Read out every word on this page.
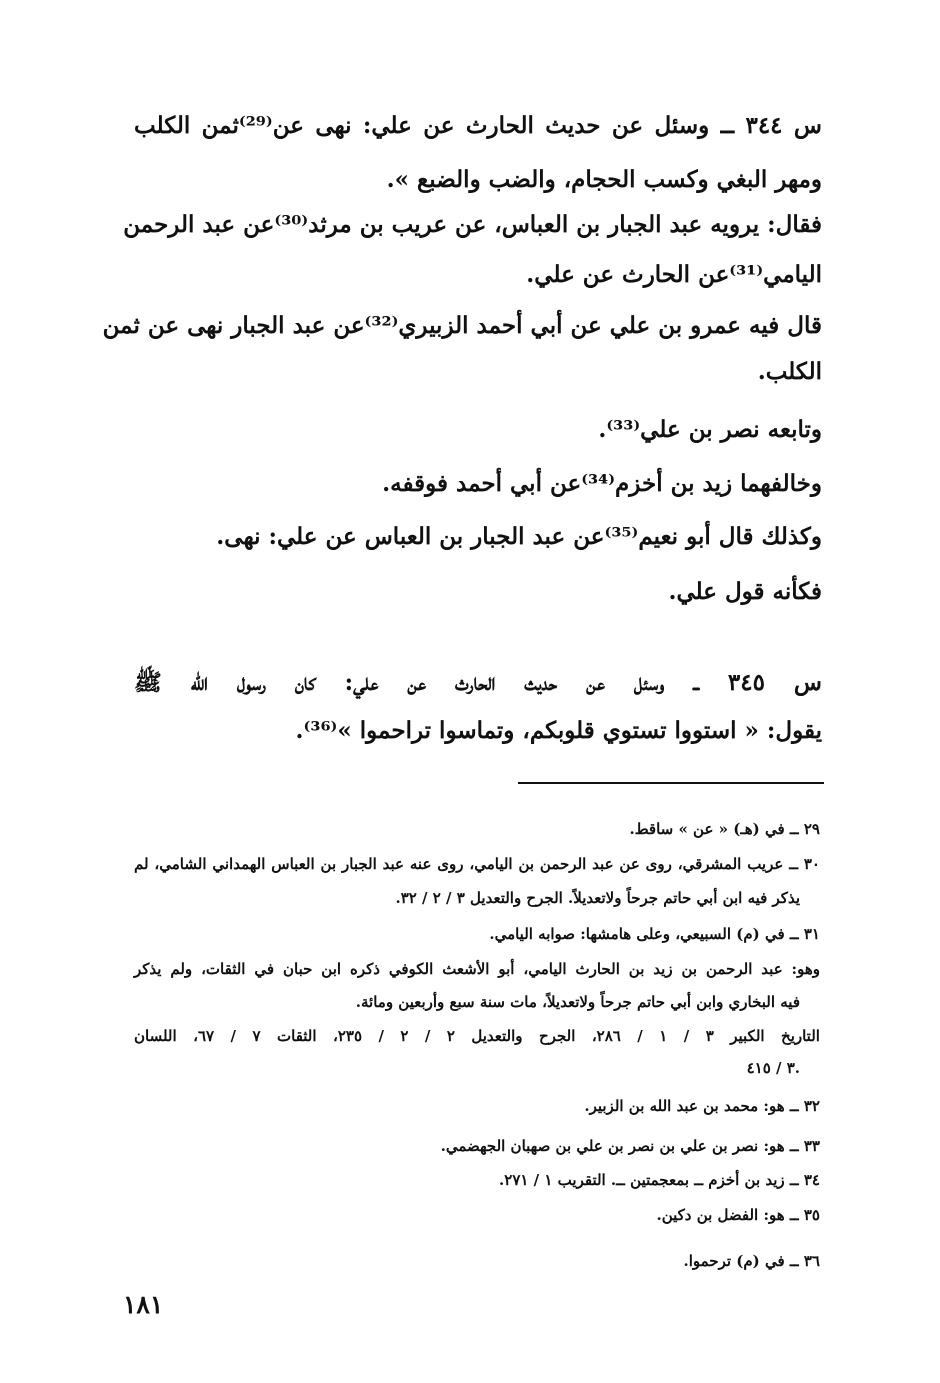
س ٣٤٤ ــ وسئل عن حديث الحارث عن علي: نهى عن⁽²⁹⁾ثمن الكلب
ومهر البغي وكسب الحجام، والضب والضبع ».
فقال: يرويه عبد الجبار بن العباس، عن عريب بن مرثد⁽³⁰⁾عن عبد الرحمن
اليامي⁽³¹⁾عن الحارث عن علي.
قال فيه عمرو بن علي عن أبي أحمد الزبيري⁽³²⁾عن عبد الجبار نهى عن ثمن
الكلب.
وتابعه نصر بن علي⁽³³⁾.
وخالفهما زيد بن أخزم⁽³⁴⁾عن أبي أحمد فوقفه.
وكذلك قال أبو نعيم⁽³⁵⁾عن عبد الجبار بن العباس عن علي: نهى.
فكأنه قول علي.
س ٣٤٥ ــ وسئل عن حديث الحارث عن علي: كان رسول الله ﷺ
يقول: « استووا تستوي قلوبكم، وتماسوا تراحموا »⁽³⁶⁾.
٢٩ ــ في (هـ) « عن » ساقط.
٣٠ ــ عريب المشرقي، روى عن عبد الرحمن بن اليامي، روى عنه عبد الجبار بن العباس الهمداني الشامي، لم
يذكر فيه ابن أبي حاتم جرحاً ولاتعديلاً. الجرح والتعديل ٣ / ٢ / ٣٢.
٣١ ــ في (م) السبيعي، وعلى هامشها: صوابه اليامي.
وهو: عبد الرحمن بن زيد بن الحارث اليامي، أبو الأشعث الكوفي ذكره ابن حبان في الثقات، ولم يذكر
فيه البخاري وابن أبي حاتم جرحاً ولاتعديلاً، مات سنة سبع وأربعين ومائة.
التاريخ الكبير ٣ / ١ / ٢٨٦، الجرح والتعديل ٢ / ٢ / ٢٣٥، الثقات ٧ / ٦٧، اللسان
٣ / ٤١٥.
٣٢ ــ هو: محمد بن عبد الله بن الزبير.
٣٣ ــ هو: نصر بن علي بن نصر بن علي بن صهبان الجهضمي.
٣٤ ــ زيد بن أخزم ــ بمعجمتين ــ. التقريب ١ / ٢٧١.
٣٥ ــ هو: الفضل بن دكين.
٣٦ ــ في (م) ترحموا.
١٨١
